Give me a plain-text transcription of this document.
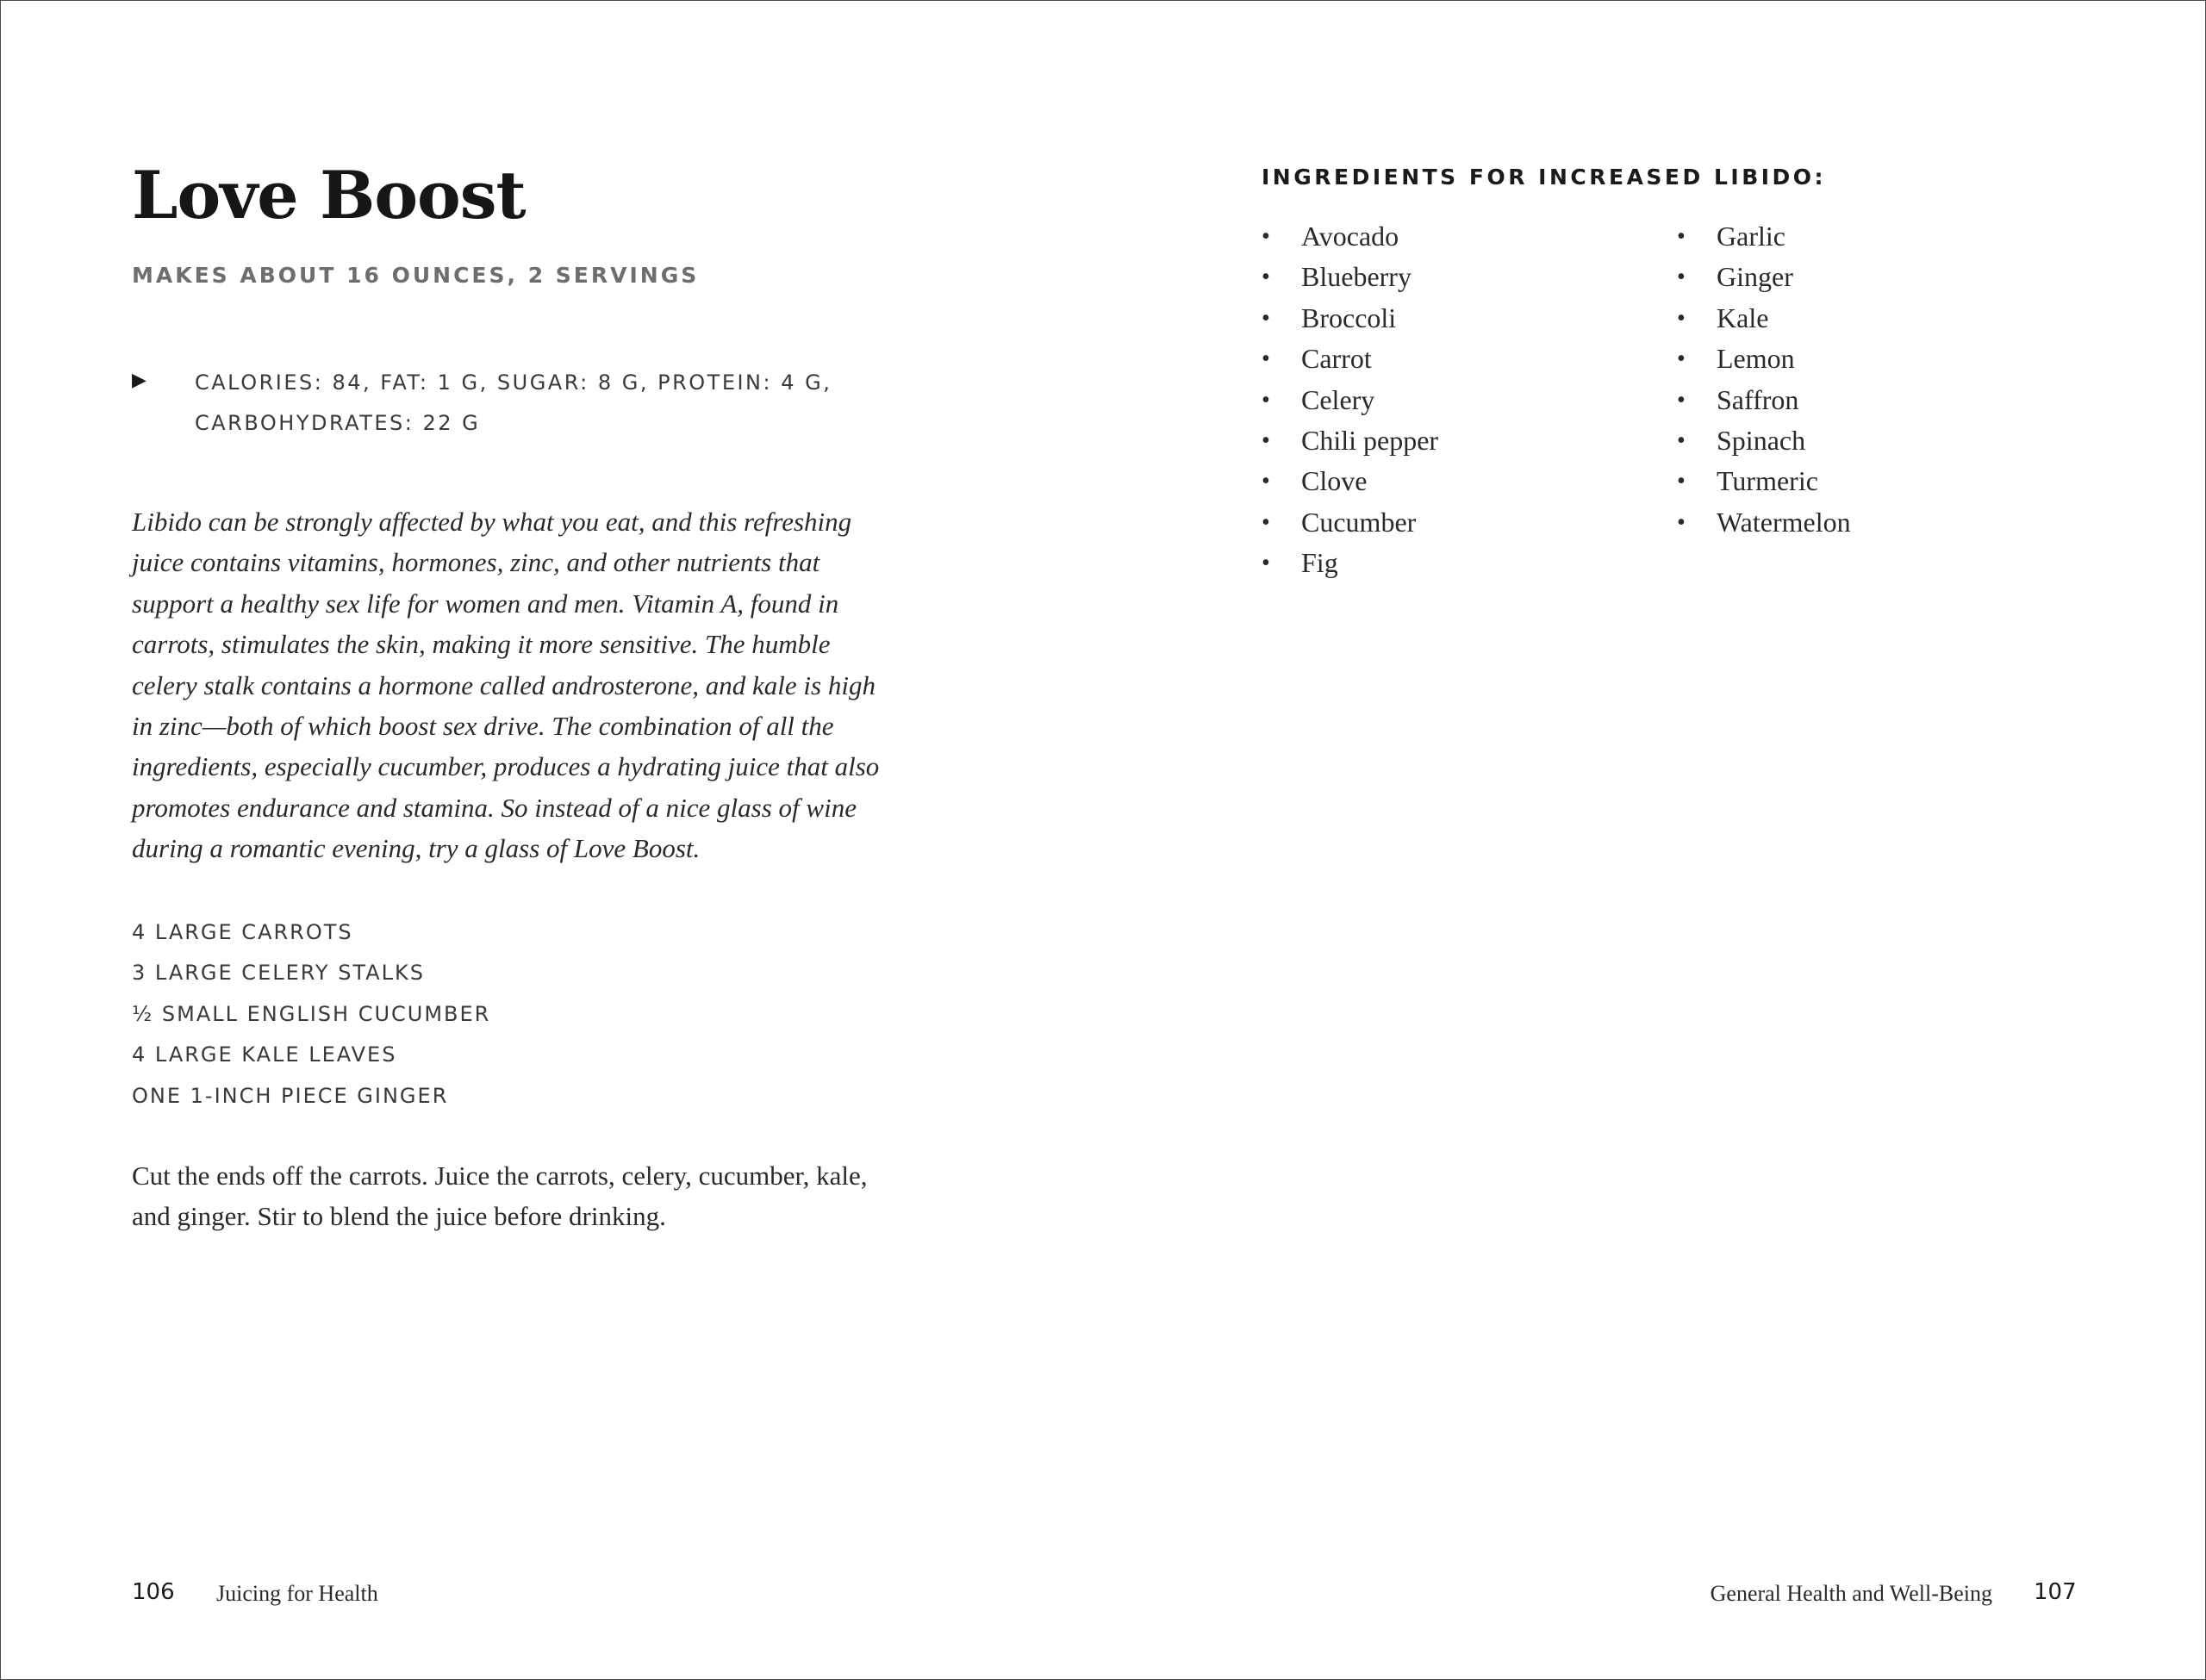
Love Boost
MAKES ABOUT 16 OUNCES, 2 SERVINGS
▶ CALORIES: 84, FAT: 1 G, SUGAR: 8 G, PROTEIN: 4 G,
CARBOHYDRATES: 22 G
Libido can be strongly affected by what you eat, and this refreshing
juice contains vitamins, hormones, zinc, and other nutrients that
support a healthy sex life for women and men. Vitamin A, found in
carrots, stimulates the skin, making it more sensitive. The humble
celery stalk contains a hormone called androsterone, and kale is high
in zinc—both of which boost sex drive. The combination of all the
ingredients, especially cucumber, produces a hydrating juice that also
promotes endurance and stamina. So instead of a nice glass of wine
during a romantic evening, try a glass of Love Boost.
4 LARGE CARROTS
3 LARGE CELERY STALKS
½ SMALL ENGLISH CUCUMBER
4 LARGE KALE LEAVES
ONE 1-INCH PIECE GINGER
Cut the ends off the carrots. Juice the carrots, celery, cucumber, kale,
and ginger. Stir to blend the juice before drinking.
INGREDIENTS FOR INCREASED LIBIDO:
• Avocado
• Blueberry
• Broccoli
• Carrot
• Celery
• Chili pepper
• Clove
• Cucumber
• Fig
• Garlic
• Ginger
• Kale
• Lemon
• Saffron
• Spinach
• Turmeric
• Watermelon
106 Juicing for Health	General Health and Well-Being 107
